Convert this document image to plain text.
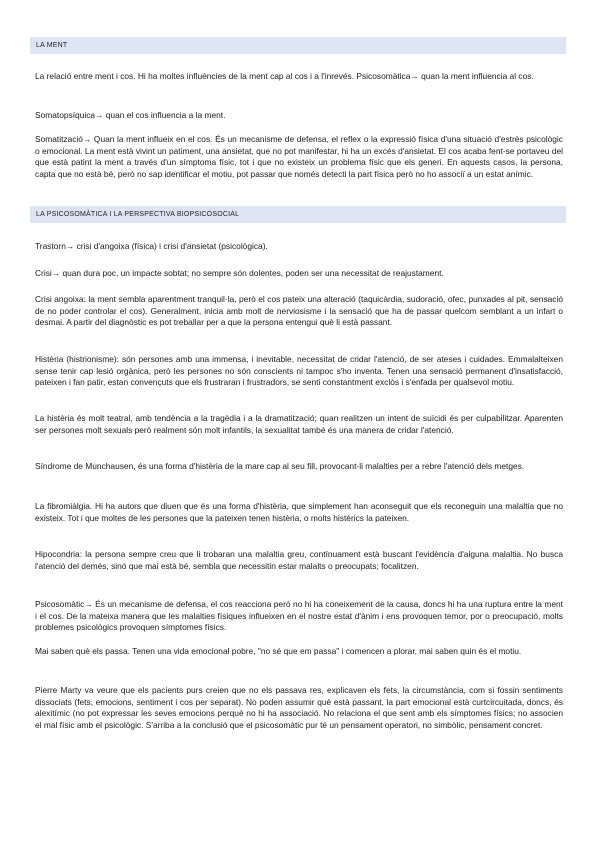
LA MENT

La relació entre ment i cos. Hi ha moltes influències de la ment cap al cos i a l'inrevés. Psicosomàtica→ quan la ment influencia al cos.

Somatopsíquica→ quan el cos influencia a la ment.

Somatització→ Quan la ment influeix en el cos. És un mecanisme de defensa, el reflex o la expressió física d'una situació d'estrès psicològic o emocional. La ment està vivint un patiment, una ansietat, que no pot manifestar, hi ha un excés d'ansietat. El cos acaba fent-se portaveu del que està patint la ment a través d'un símptoma físic, tot i que no existeix un problema físic que els generi. En aquests casos, la persona, capta que no està bé, però no sap identificar el motiu, pot passar que només detecti la part física però no ho associï a un estat anímic.

LA PSICOSOMÀTICA I LA PERSPECTIVA BIOPSICOSOCIAL

Trastorn→ crisi d'angoixa (física) i crisi d'ansietat (psicològica).

Crisi→ quan dura poc, un impacte sobtat; no sempre són dolentes, poden ser una necessitat de reajustament.

Crisi angoixa: la ment sembla aparentment tranquil·la, però el cos pateix una alteració (taquicàrdia, sudoració, ofec, punxades al pit, sensació de no poder controlar el cos). Generalment, inicia amb molt de nerviosisme i la sensació que ha de passar quelcom semblant a un infart o desmai. A partir del diagnòstic es pot treballar per a que la persona entengui què li està passant.

Histèria (histrionisme): són persones amb una immensa, i inevitable, necessitat de cridar l'atenció, de ser ateses i cuidades. Emmalalteixen sense tenir cap lesió orgànica, però les persones no són conscients ni tampoc s'ho inventa. Tenen una sensació permanent d'insatisfacció, pateixen i fan patir, estan convençuts que els frustraran i frustradors, se senti constantment exclòs i s'enfada per qualsevol motiu.

La histèria és molt teatral, amb tendència a la tragèdia i a la dramatització; quan realitzen un intent de suïcidi és per culpabilitzar. Aparenten ser persones molt sexuals però realment són molt infantils, la sexualitat també és una manera de cridar l'atenció.

Síndrome de Munchausen, és una forma d'histèria de la mare cap al seu fill, provocant-li malalties per a rebre l'atenció dels metges.

La fibromiàlgia. Hi ha autors que diuen que és una forma d'histèria, que simplement han aconseguit que els reconeguin una malaltia que no existeix. Tot i que moltes de les persones que la pateixen tenen histèria, o molts histèrics la pateixen.

Hipocondria: la persona sempre creu que li trobaran una malaltia greu, contínuament està buscant l'evidència d'alguna malaltia. No busca l'atenció del demés, sinó que mai està bé, sembla que necessitin estar malalts o preocupats; focalitzen.

Psicosomàtic→ És un mecanisme de defensa, el cos reacciona però no hi ha coneixement de la causa, doncs hi ha una ruptura entre la ment i el cos. De la mateixa manera que les malalties físiques influeixen en el nostre estat d'ànim i ens provoquen temor, por o preocupació, molts problemes psicològics provoquen símptomes físics.

Mai saben què els passa. Tenen una vida emocional pobre, "no sé que em passa" i comencen a plorar, mai saben quin és el motiu.

Pierre Marty va veure que els pacients purs creien que no els passava res, explicaven els fets, la circumstància, com si fossin sentiments dissociats (fets, emocions, sentiment i cos per separat). No poden assumir què està passant, la part emocional està curtcircuitada, doncs, és alexitímic (no pot expressar les seves emocions perquè no hi ha associació. No relaciona el que sent amb els símptomes físics; no associen el mal físic amb el psicològic. S'arriba a la conclusió que el psicosomàtic pur té un pensament operatori, no simbòlic, pensament concret.
